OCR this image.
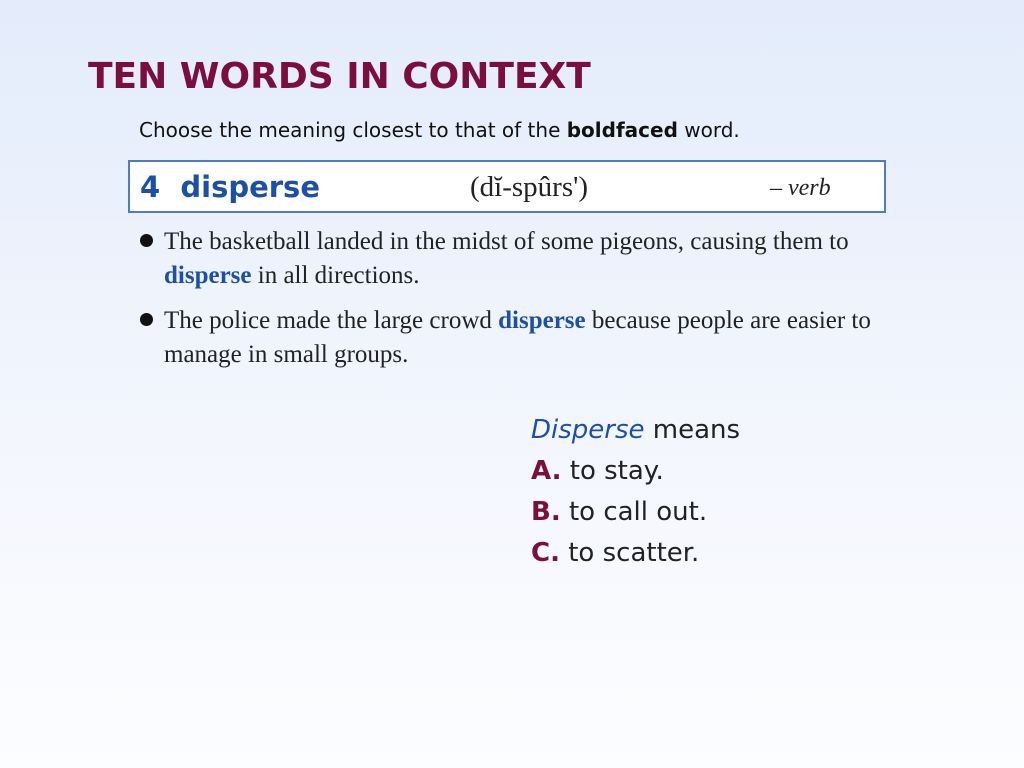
TEN WORDS IN CONTEXT
Choose the meaning closest to that of the boldfaced word.
4  disperse	(dĭ-spûrs')	– verb
The basketball landed in the midst of some pigeons, causing them to disperse in all directions.
The police made the large crowd disperse because people are easier to manage in small groups.
Disperse means
A. to stay.
B. to call out.
C. to scatter.
